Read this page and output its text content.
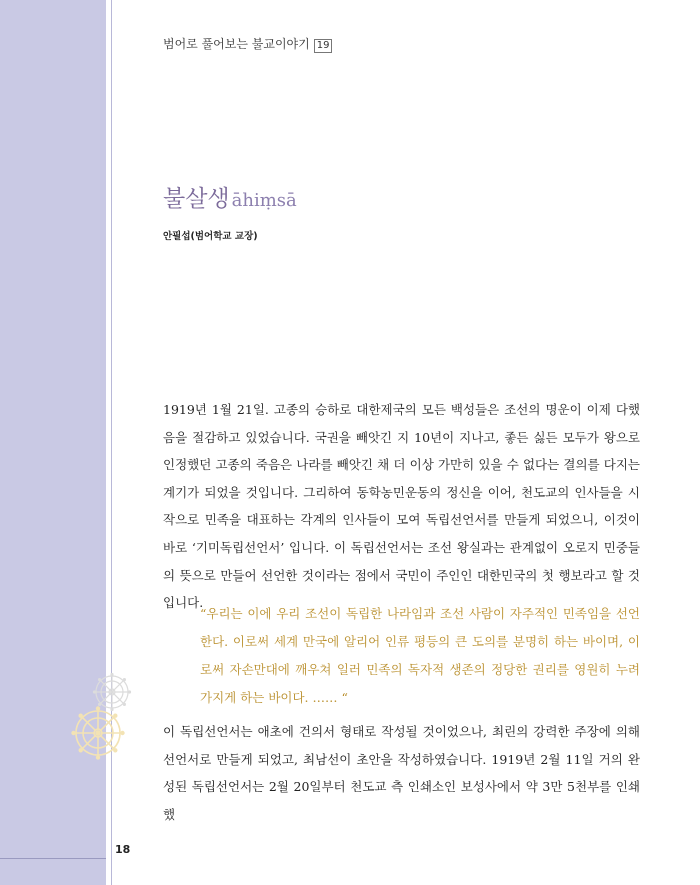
범어로 풀어보는 불교이야기 19
불살생 āhiṃsā
안필섭(범어학교 교장)

1919년 1월 21일. 고종의 승하로 대한제국의 모든 백성들은 조선의 명운이 이제 다했음을 절감하고 있었습니다. 국권을 빼앗긴 지 10년이 지나고, 좋든 싫든 모두가 왕으로 인정했던 고종의 죽음은 나라를 빼앗긴 채 더 이상 가만히 있을 수 없다는 결의를 다지는 계기가 되었을 것입니다. 그리하여 동학농민운동의 정신을 이어, 천도교의 인사들을 시작으로 민족을 대표하는 각계의 인사들이 모여 독립선언서를 만들게 되었으니, 이것이 바로 ‘기미독립선언서’ 입니다. 이 독립선언서는 조선 왕실과는 관계없이 오로지 민중들의 뜻으로 만들어 선언한 것이라는 점에서 국민이 주인인 대한민국의 첫 행보라고 할 것입니다.

“우리는 이에 우리 조선이 독립한 나라임과 조선 사람이 자주적인 민족임을 선언한다. 이로써 세계 만국에 알리어 인류 평등의 큰 도의를 분명히 하는 바이며, 이로써 자손만대에 깨우쳐 일러 민족의 독자적 생존의 정당한 권리를 영원히 누려 가지게 하는 바이다. …… “

이 독립선언서는 애초에 건의서 형태로 작성될 것이었으나, 최린의 강력한 주장에 의해 선언서로 만들게 되었고, 최남선이 초안을 작성하였습니다. 1919년 2월 11일 거의 완성된 독립선언서는 2월 20일부터 천도교 측 인쇄소인 보성사에서 약 3만 5천부를 인쇄했

18
